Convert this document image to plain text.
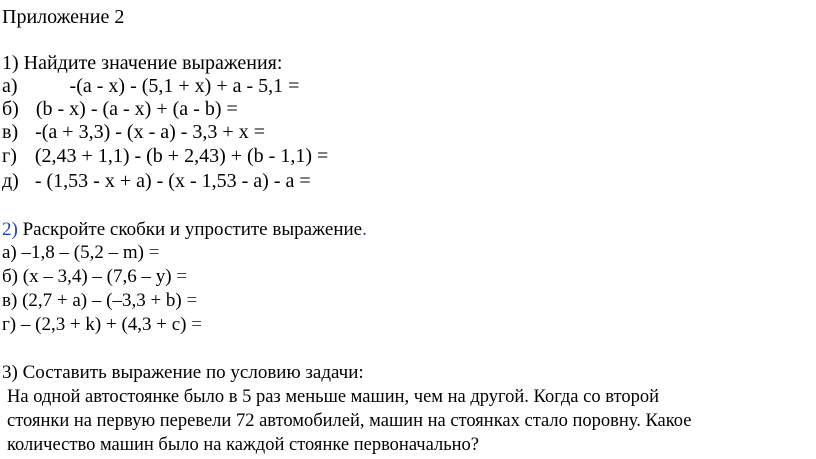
Приложение 2
1) Найдите значение выражения:
а)	-(a - x) - (5,1 + x) + a - 5,1 =
б) (b - x) - (a - x) + (a - b) =
в) -(a + 3,3) - (x - a) - 3,3 + x =
г) (2,43 + 1,1) - (b + 2,43) + (b - 1,1) =
д) - (1,53 - x + a) - (x - 1,53 - a) - a =
2) Раскройте скобки и упростите выражение.
а) –1,8 – (5,2 – m) =
б) (x – 3,4) – (7,6 – y) =
в) (2,7 + a) – (–3,3 + b) =
г) – (2,3 + k) + (4,3 + c) =
3) Составить выражение по условию задачи:
На одной автостоянке было в 5 раз меньше машин, чем на другой. Когда со второй
стоянки на первую перевели 72 автомобилей, машин на стоянках стало поровну. Какое
количество машин было на каждой стоянке первоначально?
